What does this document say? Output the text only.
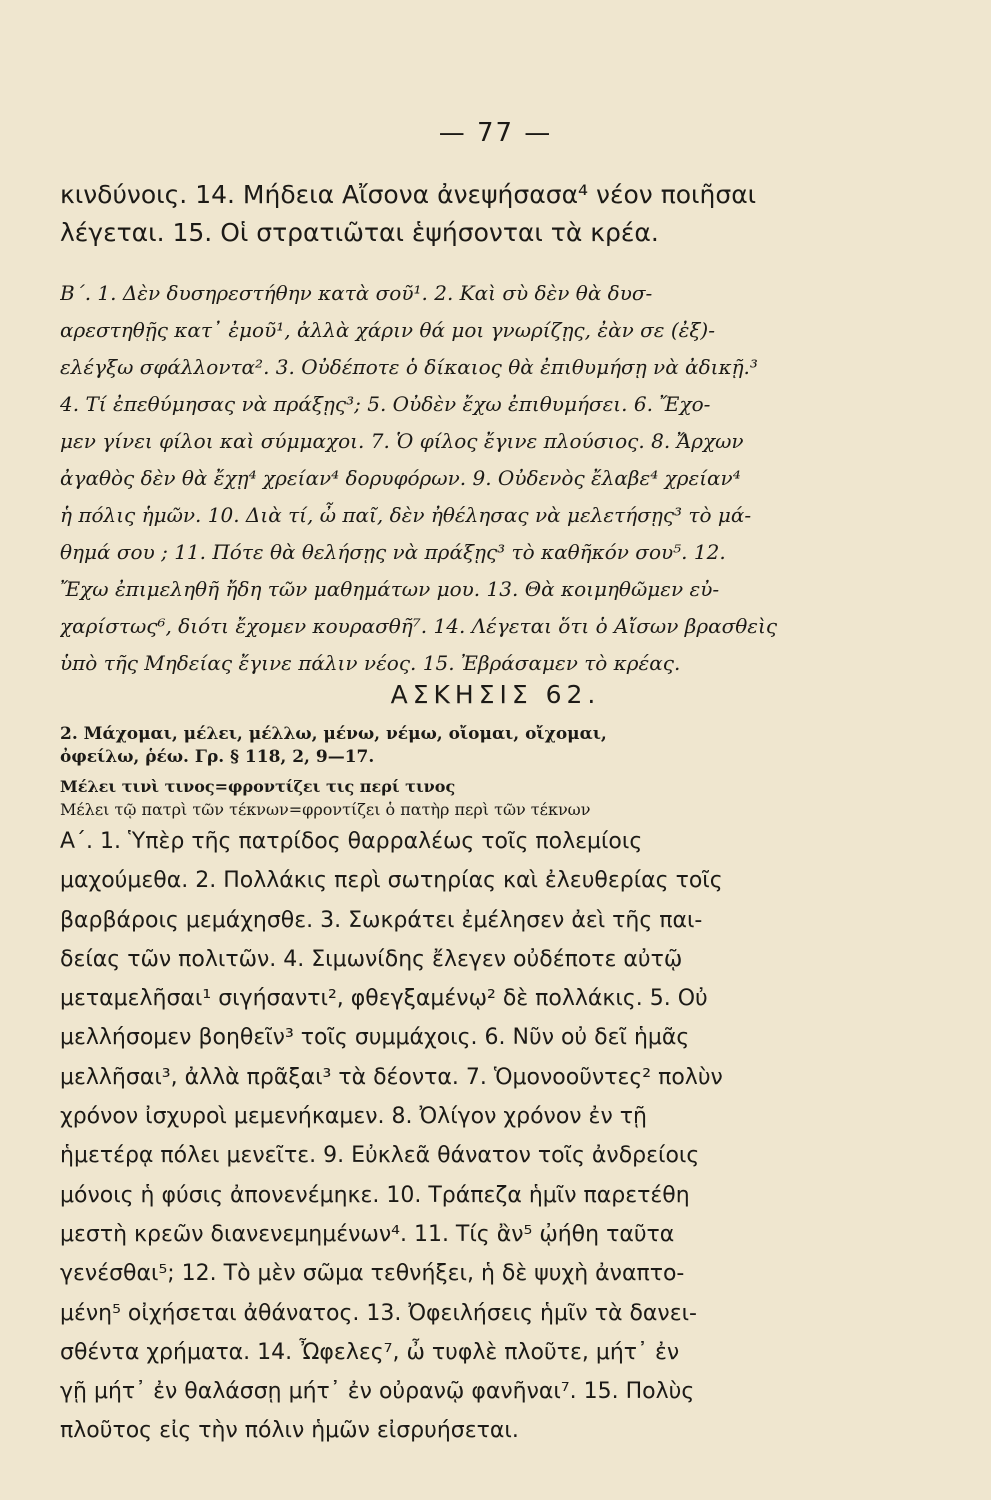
— 77 —
κινδύνοις. 14. Μήδεια Αἴσονα ἀνεψήσασα⁴ νέον ποιῆσαι
λέγεται. 15. Οἱ στρατιῶται ἑψήσονται τὰ κρέα.
Β΄. 1. Δὲν δυσηρεστήθην κατὰ σοῦ¹. 2. Καὶ σὺ δὲν θὰ δυσ-
αρεστηθῇς κατ᾽ ἐμοῦ¹, ἀλλὰ χάριν θά μοι γνωρίζῃς, ἐὰν σε (ἐξ)-
ελέγξω σφάλλοντα². 3. Οὐδέποτε ὁ δίκαιος θὰ ἐπιθυμήσῃ νὰ ἀδικῇ.³
4. Τί ἐπεθύμησας νὰ πράξῃς³; 5. Οὐδὲν ἔχω ἐπιθυμήσει. 6. Ἔχο-
μεν γίνει φίλοι καὶ σύμμαχοι. 7. Ὁ φίλος ἔγινε πλούσιος. 8. Ἄρχων
ἀγαθὸς δὲν θὰ ἔχῃ⁴ χρείαν⁴ δορυφόρων. 9. Οὐδενὸς ἔλαβε⁴ χρείαν⁴
ἡ πόλις ἡμῶν. 10. Διὰ τί, ὦ παῖ, δὲν ἠθέλησας νὰ μελετήσῃς³ τὸ μά-
θημά σου ; 11. Πότε θὰ θελήσῃς νὰ πράξῃς³ τὸ καθῆκόν σου⁵. 12.
Ἔχω ἐπιμεληθῆ ἤδη τῶν μαθημάτων μου. 13. Θὰ κοιμηθῶμεν εὐ-
χαρίστως⁶, διότι ἔχομεν κουρασθῆ⁷. 14. Λέγεται ὅτι ὁ Αἴσων βρασθεὶς
ὑπὸ τῆς Μηδείας ἔγινε πάλιν νέος. 15. Ἐβράσαμεν τὸ κρέας.
ΑΣΚΗΣΙΣ 62.
2. Μάχομαι, μέλει, μέλλω, μένω, νέμω, οἴομαι, οἴχομαι,
ὀφείλω, ῥέω. Γρ. § 118, 2, 9—17.
Μέλει τινὶ τινος=φροντίζει τις περί τινος
Μέλει τῷ πατρὶ τῶν τέκνων=φροντίζει ὁ πατὴρ περὶ τῶν τέκνων
Α΄. 1. Ὑπὲρ τῆς πατρίδος θαρραλέως τοῖς πολεμίοις
μαχούμεθα. 2. Πολλάκις περὶ σωτηρίας καὶ ἐλευθερίας τοῖς
βαρβάροις μεμάχησθε. 3. Σωκράτει ἐμέλησεν ἀεὶ τῆς παι-
δείας τῶν πολιτῶν. 4. Σιμωνίδης ἔλεγεν οὐδέποτε αὐτῷ
μεταμελῆσαι¹ σιγήσαντι², φθεγξαμένῳ² δὲ πολλάκις. 5. Οὐ
μελλήσομεν βοηθεῖν³ τοῖς συμμάχοις. 6. Νῦν οὐ δεῖ ἡμᾶς
μελλῆσαι³, ἀλλὰ πρᾶξαι³ τὰ δέοντα. 7. Ὁμονοοῦντες² πολὺν
χρόνον ἰσχυροὶ μεμενήκαμεν. 8. Ὀλίγον χρόνον ἐν τῇ
ἡμετέρᾳ πόλει μενεῖτε. 9. Εὐκλεᾶ θάνατον τοῖς ἀνδρείοις
μόνοις ἡ φύσις ἀπονενέμηκε. 10. Τράπεζα ἡμῖν παρετέθη
μεστὴ κρεῶν διανενεμημένων⁴. 11. Τίς ἂν⁵ ᾠήθη ταῦτα
γενέσθαι⁵; 12. Τὸ μὲν σῶμα τεθνήξει, ἡ δὲ ψυχὴ ἀναπτο-
μένη⁵ οἰχήσεται ἀθάνατος. 13. Ὀφειλήσεις ἡμῖν τὰ δανει-
σθέντα χρήματα. 14. Ὦφελες⁷, ὦ τυφλὲ πλοῦτε, μήτ᾽ ἐν
γῇ μήτ᾽ ἐν θαλάσσῃ μήτ᾽ ἐν οὐρανῷ φανῆναι⁷. 15. Πολὺς
πλοῦτος εἰς τὴν πόλιν ἡμῶν εἰσρυήσεται.
